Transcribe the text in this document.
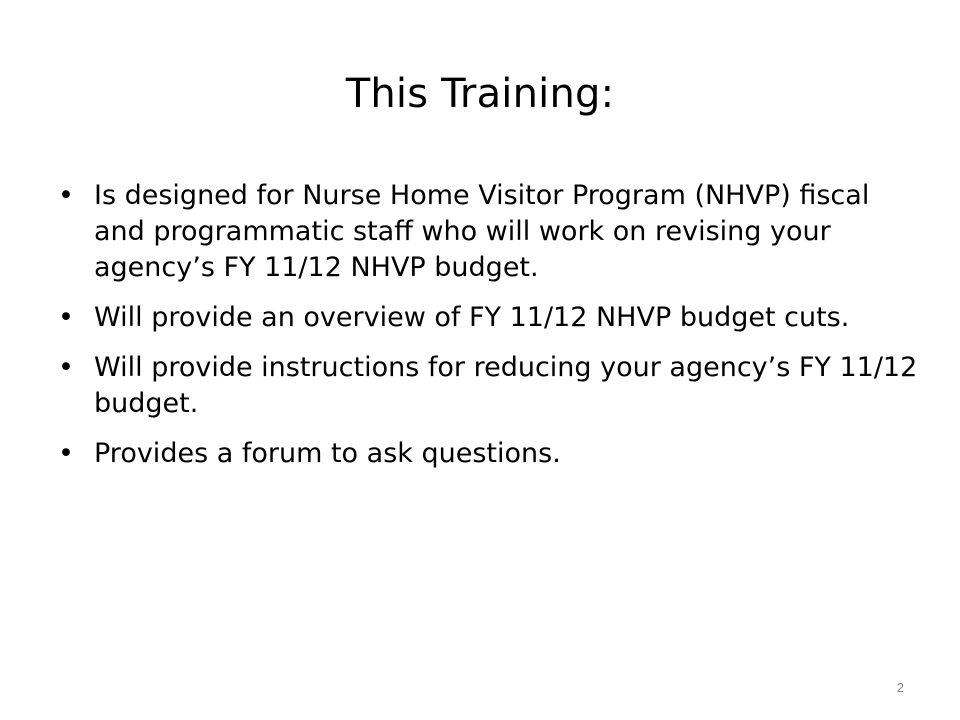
This Training:
• Is designed for Nurse Home Visitor Program (NHVP) fiscal and programmatic staff who will work on revising your agency’s FY 11/12 NHVP budget.
• Will provide an overview of FY 11/12 NHVP budget cuts.
• Will provide instructions for reducing your agency’s FY 11/12 budget.
• Provides a forum to ask questions.
2
